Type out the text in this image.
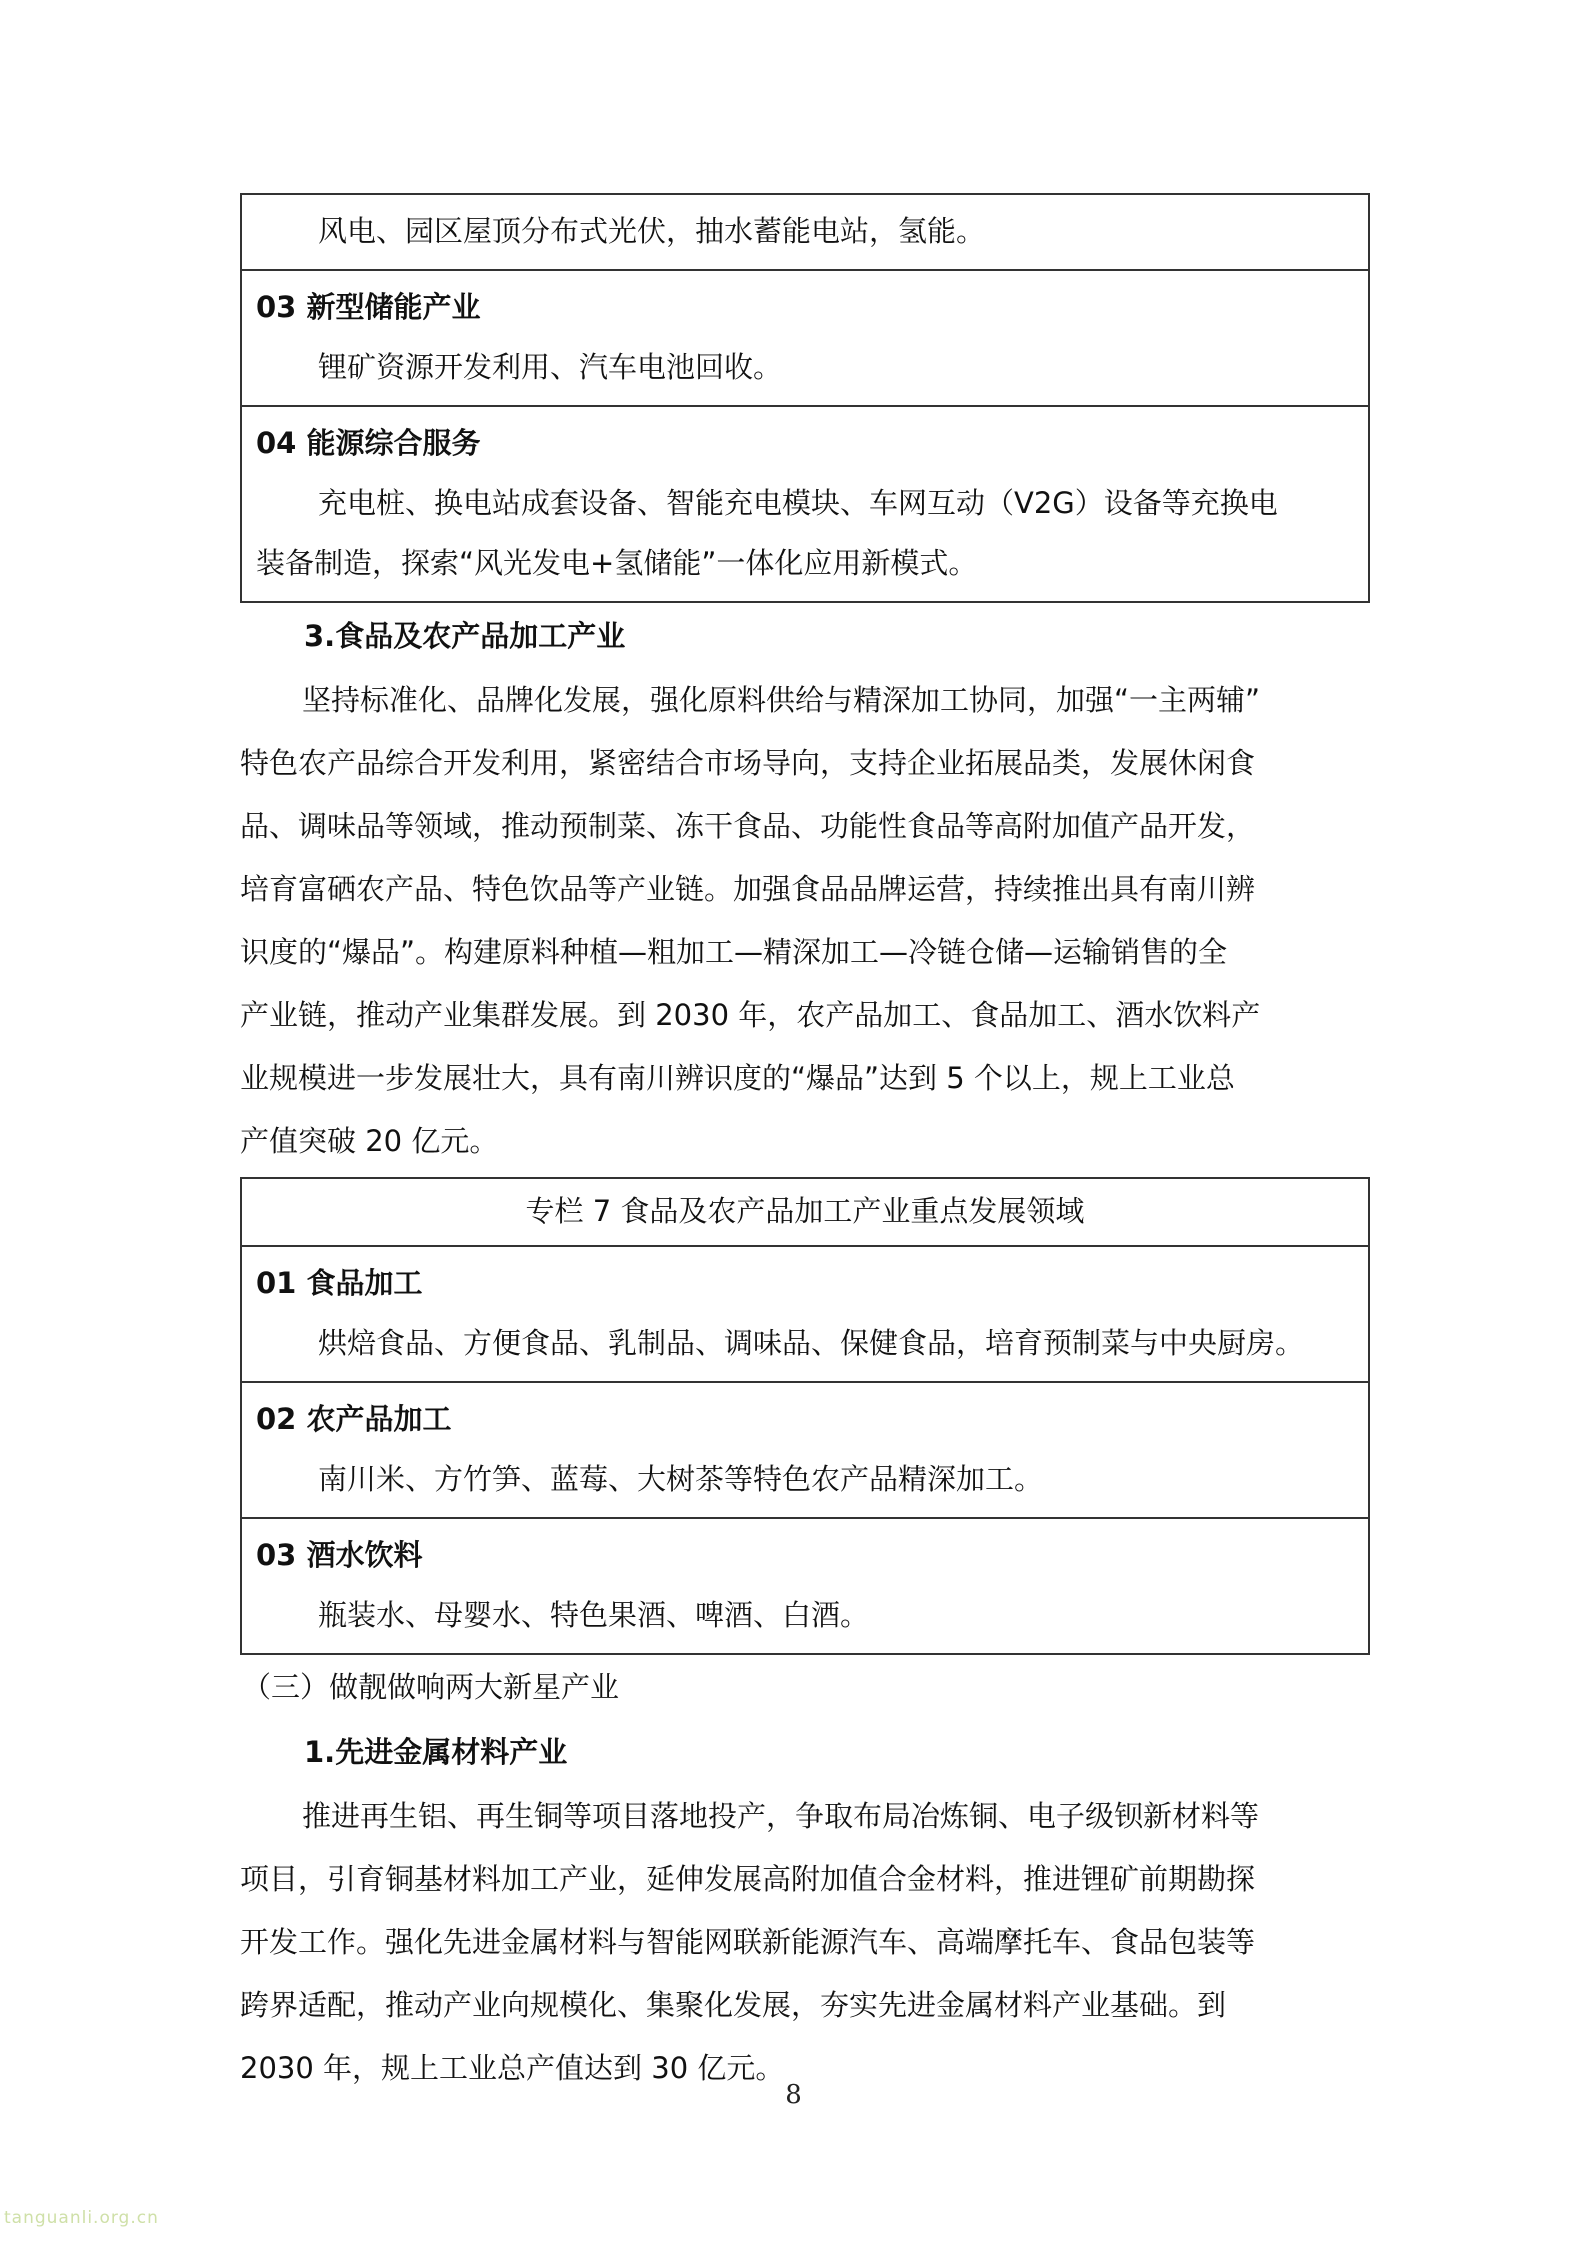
风电、园区屋顶分布式光伏，抽水蓄能电站，氢能。
03 新型储能产业
锂矿资源开发利用、汽车电池回收。
04 能源综合服务
充电桩、换电站成套设备、智能充电模块、车网互动（V2G）设备等充换电
装备制造，探索“风光发电+氢储能”一体化应用新模式。
3.食品及农产品加工产业
坚持标准化、品牌化发展，强化原料供给与精深加工协同，加强“一主两辅”
特色农产品综合开发利用，紧密结合市场导向，支持企业拓展品类，发展休闲食
品、调味品等领域，推动预制菜、冻干食品、功能性食品等高附加值产品开发，
培育富硒农产品、特色饮品等产业链。加强食品品牌运营，持续推出具有南川辨
识度的“爆品”。构建原料种植—粗加工—精深加工—冷链仓储—运输销售的全
产业链，推动产业集群发展。到 2030 年，农产品加工、食品加工、酒水饮料产
业规模进一步发展壮大，具有南川辨识度的“爆品”达到 5 个以上，规上工业总
产值突破 20 亿元。
专栏 7 食品及农产品加工产业重点发展领域
01 食品加工
烘焙食品、方便食品、乳制品、调味品、保健食品，培育预制菜与中央厨房。
02 农产品加工
南川米、方竹笋、蓝莓、大树茶等特色农产品精深加工。
03 酒水饮料
瓶装水、母婴水、特色果酒、啤酒、白酒。
（三）做靓做响两大新星产业
1.先进金属材料产业
推进再生铝、再生铜等项目落地投产，争取布局冶炼铜、电子级钡新材料等
项目，引育铜基材料加工产业，延伸发展高附加值合金材料，推进锂矿前期勘探
开发工作。强化先进金属材料与智能网联新能源汽车、高端摩托车、食品包装等
跨界适配，推动产业向规模化、集聚化发展，夯实先进金属材料产业基础。到
2030 年，规上工业总产值达到 30 亿元。
8
tanguanli.org.cn
